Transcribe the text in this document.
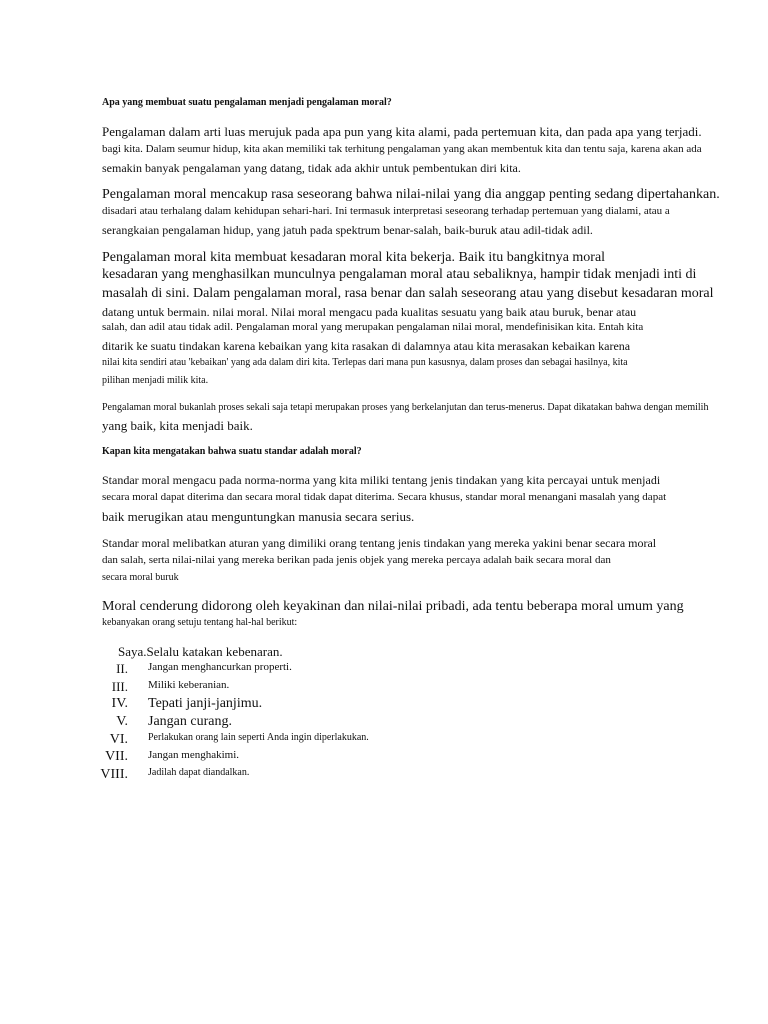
Apa yang membuat suatu pengalaman menjadi pengalaman moral?
Pengalaman dalam arti luas merujuk pada apa pun yang kita alami, pada pertemuan kita, dan pada apa yang terjadi.
bagi kita. Dalam seumur hidup, kita akan memiliki tak terhitung pengalaman yang akan membentuk kita dan tentu saja, karena akan ada
semakin banyak pengalaman yang datang, tidak ada akhir untuk pembentukan diri kita.
Pengalaman moral mencakup rasa seseorang bahwa nilai-nilai yang dia anggap penting sedang dipertahankan.
disadari atau terhalang dalam kehidupan sehari-hari. Ini termasuk interpretasi seseorang terhadap pertemuan yang dialami, atau a
serangkaian pengalaman hidup, yang jatuh pada spektrum benar-salah, baik-buruk atau adil-tidak adil.
Pengalaman moral kita membuat kesadaran moral kita bekerja. Baik itu bangkitnya moral
kesadaran yang menghasilkan munculnya pengalaman moral atau sebaliknya, hampir tidak menjadi inti di
masalah di sini. Dalam pengalaman moral, rasa benar dan salah seseorang atau yang disebut kesadaran moral
datang untuk bermain. nilai moral. Nilai moral mengacu pada kualitas sesuatu yang baik atau buruk, benar atau
salah, dan adil atau tidak adil. Pengalaman moral yang merupakan pengalaman nilai moral, mendefinisikan kita. Entah kita
ditarik ke suatu tindakan karena kebaikan yang kita rasakan di dalamnya atau kita merasakan kebaikan karena
nilai kita sendiri atau 'kebaikan' yang ada dalam diri kita. Terlepas dari mana pun kasusnya, dalam proses dan sebagai hasilnya, kita
pilihan menjadi milik kita.
Pengalaman moral bukanlah proses sekali saja tetapi merupakan proses yang berkelanjutan dan terus-menerus. Dapat dikatakan bahwa dengan memilih
yang baik, kita menjadi baik.
Kapan kita mengatakan bahwa suatu standar adalah moral?
Standar moral mengacu pada norma-norma yang kita miliki tentang jenis tindakan yang kita percayai untuk menjadi
secara moral dapat diterima dan secara moral tidak dapat diterima. Secara khusus, standar moral menangani masalah yang dapat
baik merugikan atau menguntungkan manusia secara serius.
Standar moral melibatkan aturan yang dimiliki orang tentang jenis tindakan yang mereka yakini benar secara moral
dan salah, serta nilai-nilai yang mereka berikan pada jenis objek yang mereka percaya adalah baik secara moral dan
secara moral buruk
Moral cenderung didorong oleh keyakinan dan nilai-nilai pribadi, ada tentu beberapa moral umum yang
kebanyakan orang setuju tentang hal-hal berikut:
Saya.Selalu katakan kebenaran.
II. Jangan menghancurkan properti.
III. Miliki keberanian.
IV. Tepati janji-janjimu.
V. Jangan curang.
VI. Perlakukan orang lain seperti Anda ingin diperlakukan.
VII. Jangan menghakimi.
VIII. Jadilah dapat diandalkan.
